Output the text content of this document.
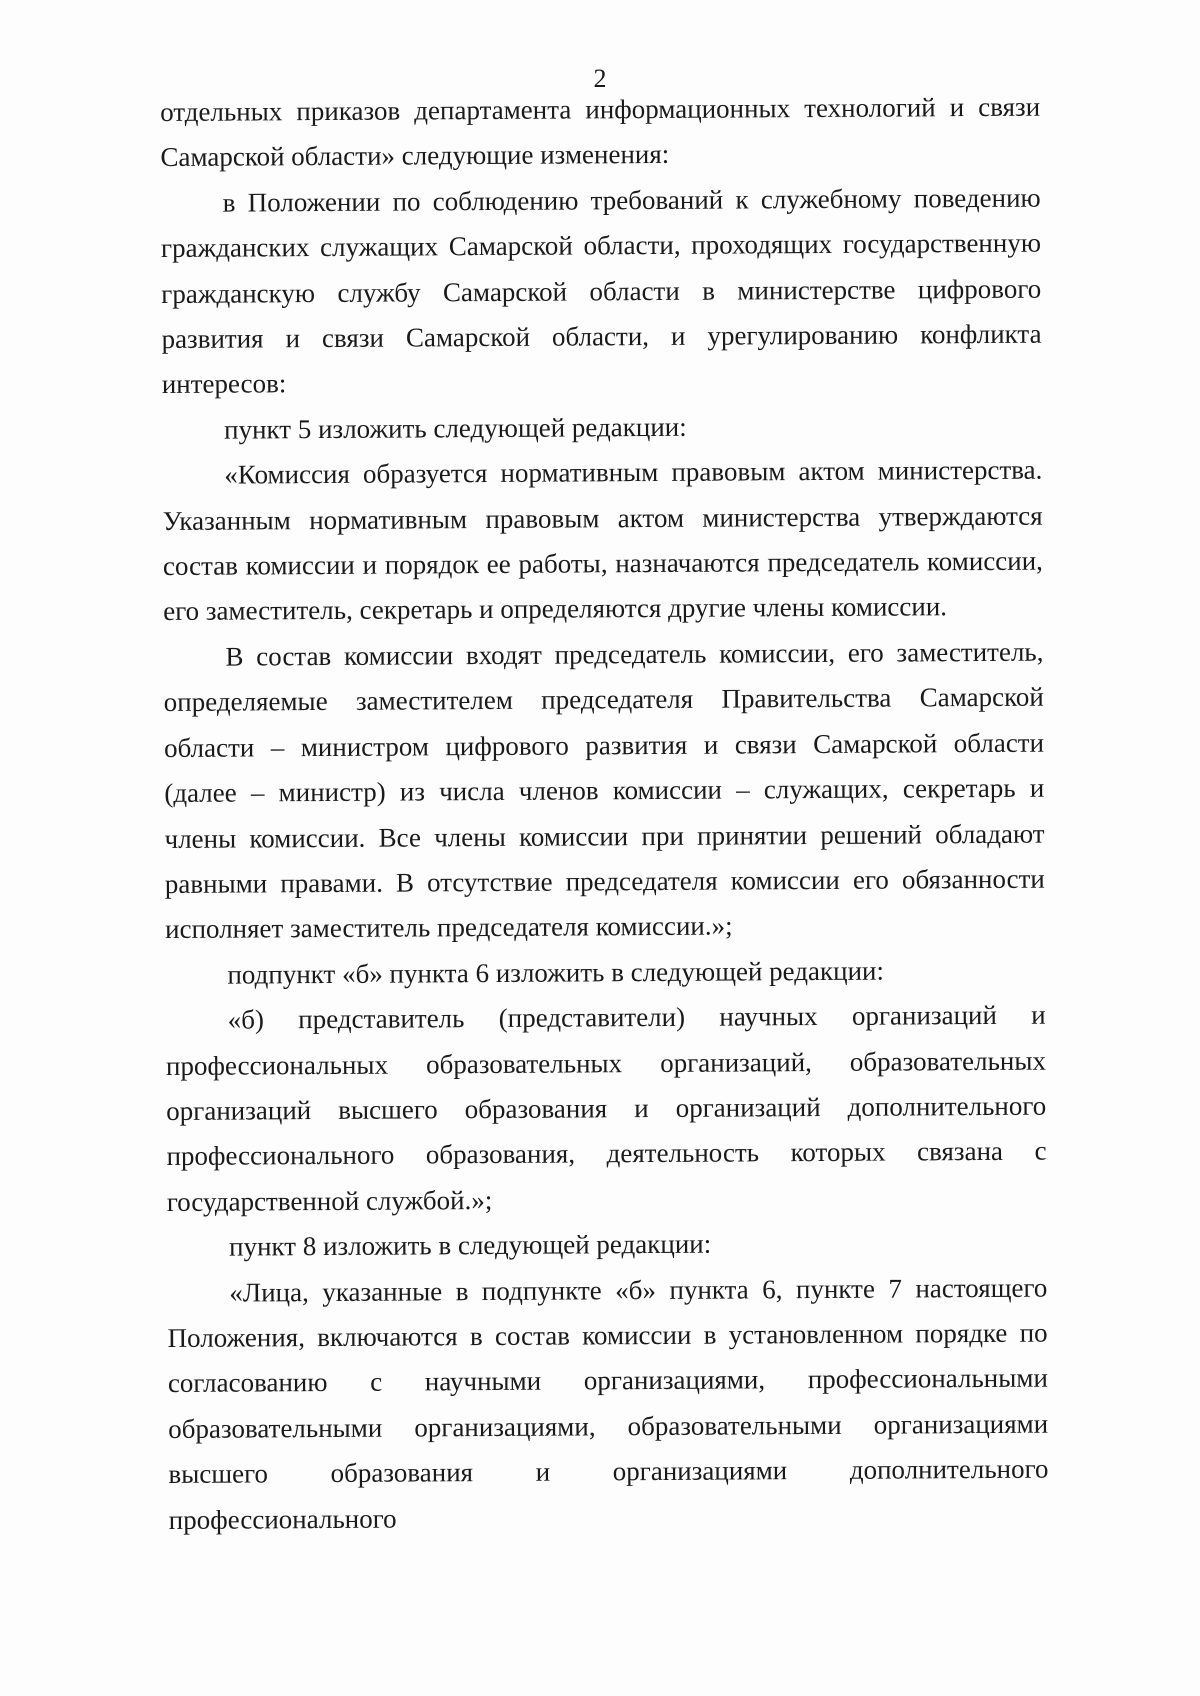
2

отдельных приказов департамента информационных технологий и связи Самарской области» следующие изменения:

в Положении по соблюдению требований к служебному поведению гражданских служащих Самарской области, проходящих государственную гражданскую службу Самарской области в министерстве цифрового развития и связи Самарской области, и урегулированию конфликта интересов:

пункт 5 изложить следующей редакции:

«Комиссия образуется нормативным правовым актом министерства. Указанным нормативным правовым актом министерства утверждаются состав комиссии и порядок ее работы, назначаются председатель комиссии, его заместитель, секретарь и определяются другие члены комиссии.

В состав комиссии входят председатель комиссии, его заместитель, определяемые заместителем председателя Правительства Самарской области – министром цифрового развития и связи Самарской области (далее – министр) из числа членов комиссии – служащих, секретарь и члены комиссии. Все члены комиссии при принятии решений обладают равными правами. В отсутствие председателя комиссии его обязанности исполняет заместитель председателя комиссии.»;

подпункт «б» пункта 6 изложить в следующей редакции:

«б) представитель (представители) научных организаций и профессиональных образовательных организаций, образовательных организаций высшего образования и организаций дополнительного профессионального образования, деятельность которых связана с государственной службой.»;

пункт 8 изложить в следующей редакции:

«Лица, указанные в подпункте «б» пункта 6, пункте 7 настоящего Положения, включаются в состав комиссии в установленном порядке по согласованию с научными организациями, профессиональными образовательными организациями, образовательными организациями высшего образования и организациями дополнительного профессионального
